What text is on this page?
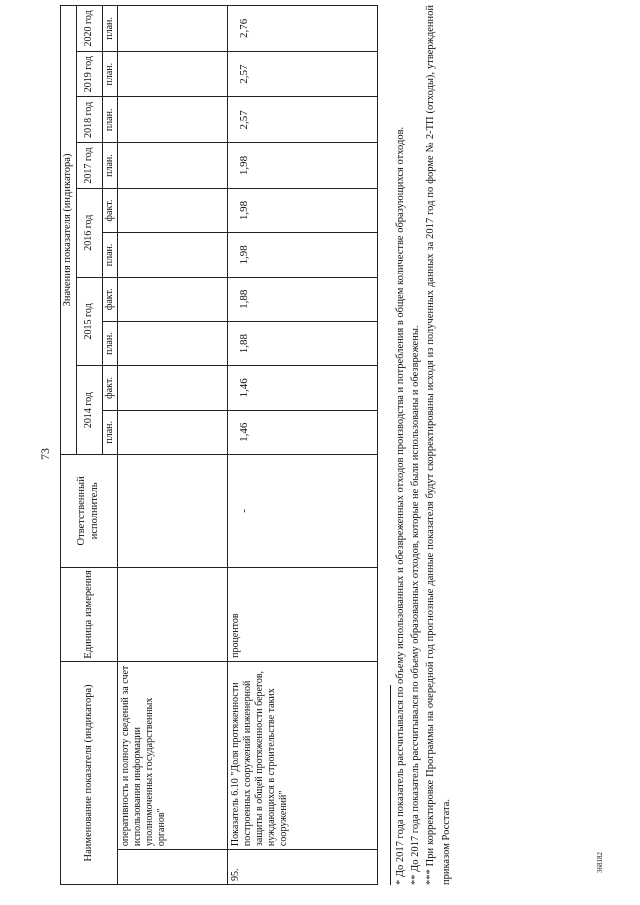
73
368182
Наименование показателя (индикатора)		Единица измерения	Ответственный исполнитель	Значения показателя (индикатора)									
				2014 год		2015 год		2016 год		2017 год	2018 год	2019 год	2020 год
				план.	факт.	план.	факт.	план.	факт.	план.	план.	план.	план.
	оперативность и полноту сведений за счет использования информации уполномоченных государственных органов"												
95.	Показатель 6.10 "Доля протяженности построенных сооружений инженерной защиты в общей протяженности берегов, нуждающихся в строительстве таких сооружений"	процентов	-	1,46	1,46	1,88	1,88	1,98	1,98	1,98	2,57	2,57	2,76
* До 2017 года показатель рассчитывался по объему использованных и обезвреженных отходов производства и потребления в общем количестве образующихся отходов. ** До 2017 года показатель рассчитывался по объему образованных отходов, которые не были использованы и обезврежены. *** При корректировке Программы на очередной год прогнозные данные показателя будут скорректированы исходя из полученных данных за 2017 год по форме № 2-ТП (отходы), утвержденной приказом Росстата.
